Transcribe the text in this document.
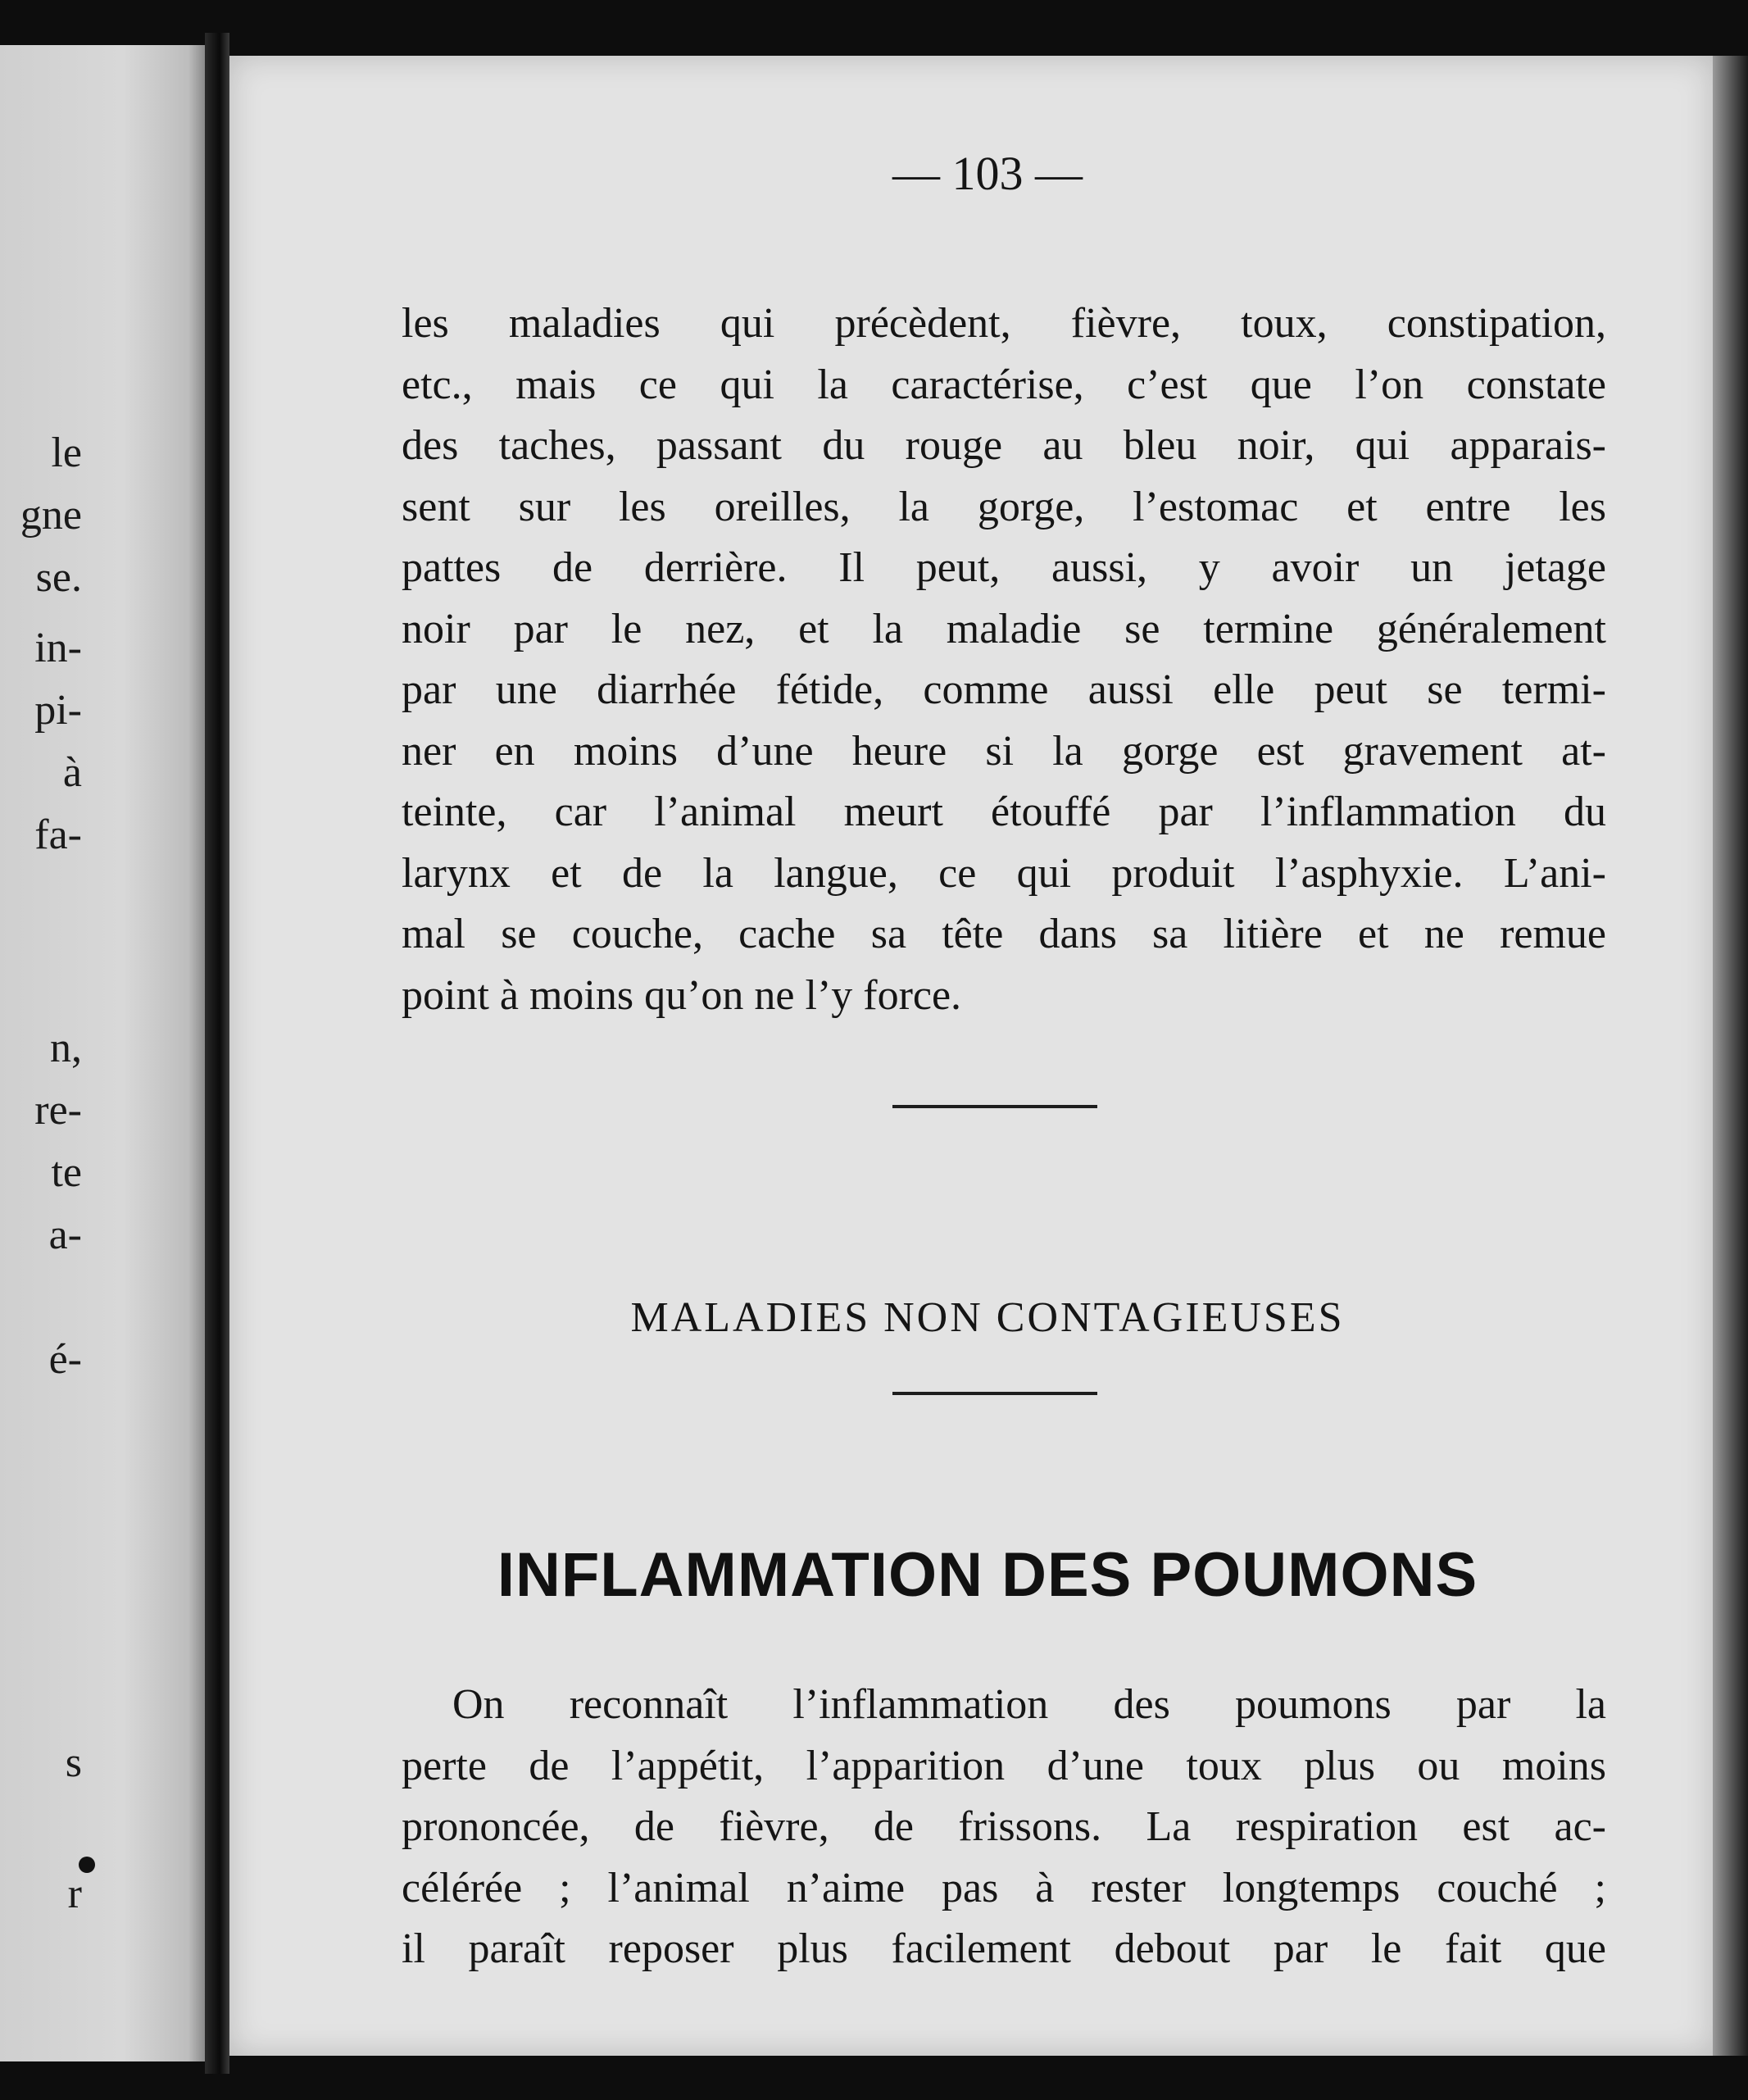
le
gne
se.
in-
pi-
à
fa-
n,
re-
te
a-
é-
s
r

— 103 —

les maladies qui précèdent, fièvre, toux, constipation,
etc., mais ce qui la caractérise, c’est que l’on constate
des taches, passant du rouge au bleu noir, qui apparais-
sent sur les oreilles, la gorge, l’estomac et entre les
pattes de derrière. Il peut, aussi, y avoir un jetage
noir par le nez, et la maladie se termine généralement
par une diarrhée fétide, comme aussi elle peut se termi-
ner en moins d’une heure si la gorge est gravement at-
teinte, car l’animal meurt étouffé par l’inflammation du
larynx et de la langue, ce qui produit l’asphyxie. L’ani-
mal se couche, cache sa tête dans sa litière et ne remue
point à moins qu’on ne l’y force.

MALADIES NON CONTAGIEUSES

INFLAMMATION DES POUMONS
On reconnaît l’inflammation des poumons par la
perte de l’appétit, l’apparition d’une toux plus ou moins
prononcée, de fièvre, de frissons. La respiration est ac-
célérée ; l’animal n’aime pas à rester longtemps couché ;
il paraît reposer plus facilement debout par le fait que
